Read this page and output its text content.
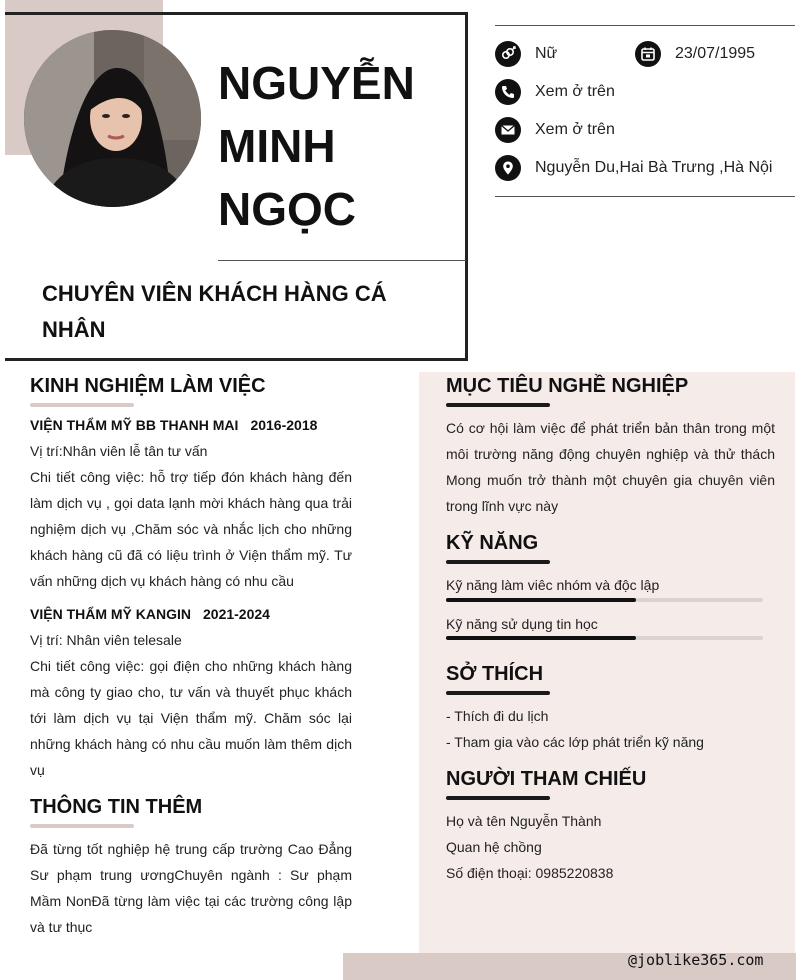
NGUYỄN
MINH
NGỌC
CHUYÊN VIÊN KHÁCH HÀNG CÁ NHÂN
Nữ	23/07/1995
Xem ở trên
Xem ở trên
Nguyễn Du,Hai Bà Trưng ,Hà Nội
KINH NGHIỆM LÀM VIỆC
VIỆN THẨM MỸ BB THANH MAI 2016-2018
Vị trí:Nhân viên lễ tân tư vấn
Chi tiết công việc: hỗ trợ tiếp đón khách hàng đến làm dịch vụ , gọi data lạnh mời khách hàng qua trải nghiệm dịch vụ ,Chăm sóc và nhắc lịch cho những khách hàng cũ đã có liệu trình ở Viện thẩm mỹ. Tư vấn những dịch vụ khách hàng có nhu cầu
VIỆN THẨM MỸ KANGIN 2021-2024
Vị trí: Nhân viên telesale
Chi tiết công việc: gọi điện cho những khách hàng mà công ty giao cho, tư vấn và thuyết phục khách tới làm dịch vụ tại Viện thẩm mỹ. Chăm sóc lại những khách hàng có nhu cầu muốn làm thêm dịch vụ
THÔNG TIN THÊM
Đã từng tốt nghiệp hệ trung cấp trường Cao Đẳng Sư phạm trung ươngChuyên ngành : Sư phạm Mầm NonĐã từng làm việc tại các trường công lập và tư thục
MỤC TIÊU NGHỀ NGHIỆP
Có cơ hội làm việc để phát triển bản thân trong một môi trường năng động chuyên nghiệp và thử thách Mong muốn trở thành một chuyên gia chuyên viên trong lĩnh vực này
KỸ NĂNG
Kỹ năng làm viêc nhóm và độc lập
Kỹ năng sử dụng tin học
SỞ THÍCH
- Thích đi du lịch
- Tham gia vào các lớp phát triển kỹ năng
NGƯỜI THAM CHIẾU
Họ và tên Nguyễn Thành
Quan hệ chồng
Số điện thoại: 0985220838
@joblike365.com
